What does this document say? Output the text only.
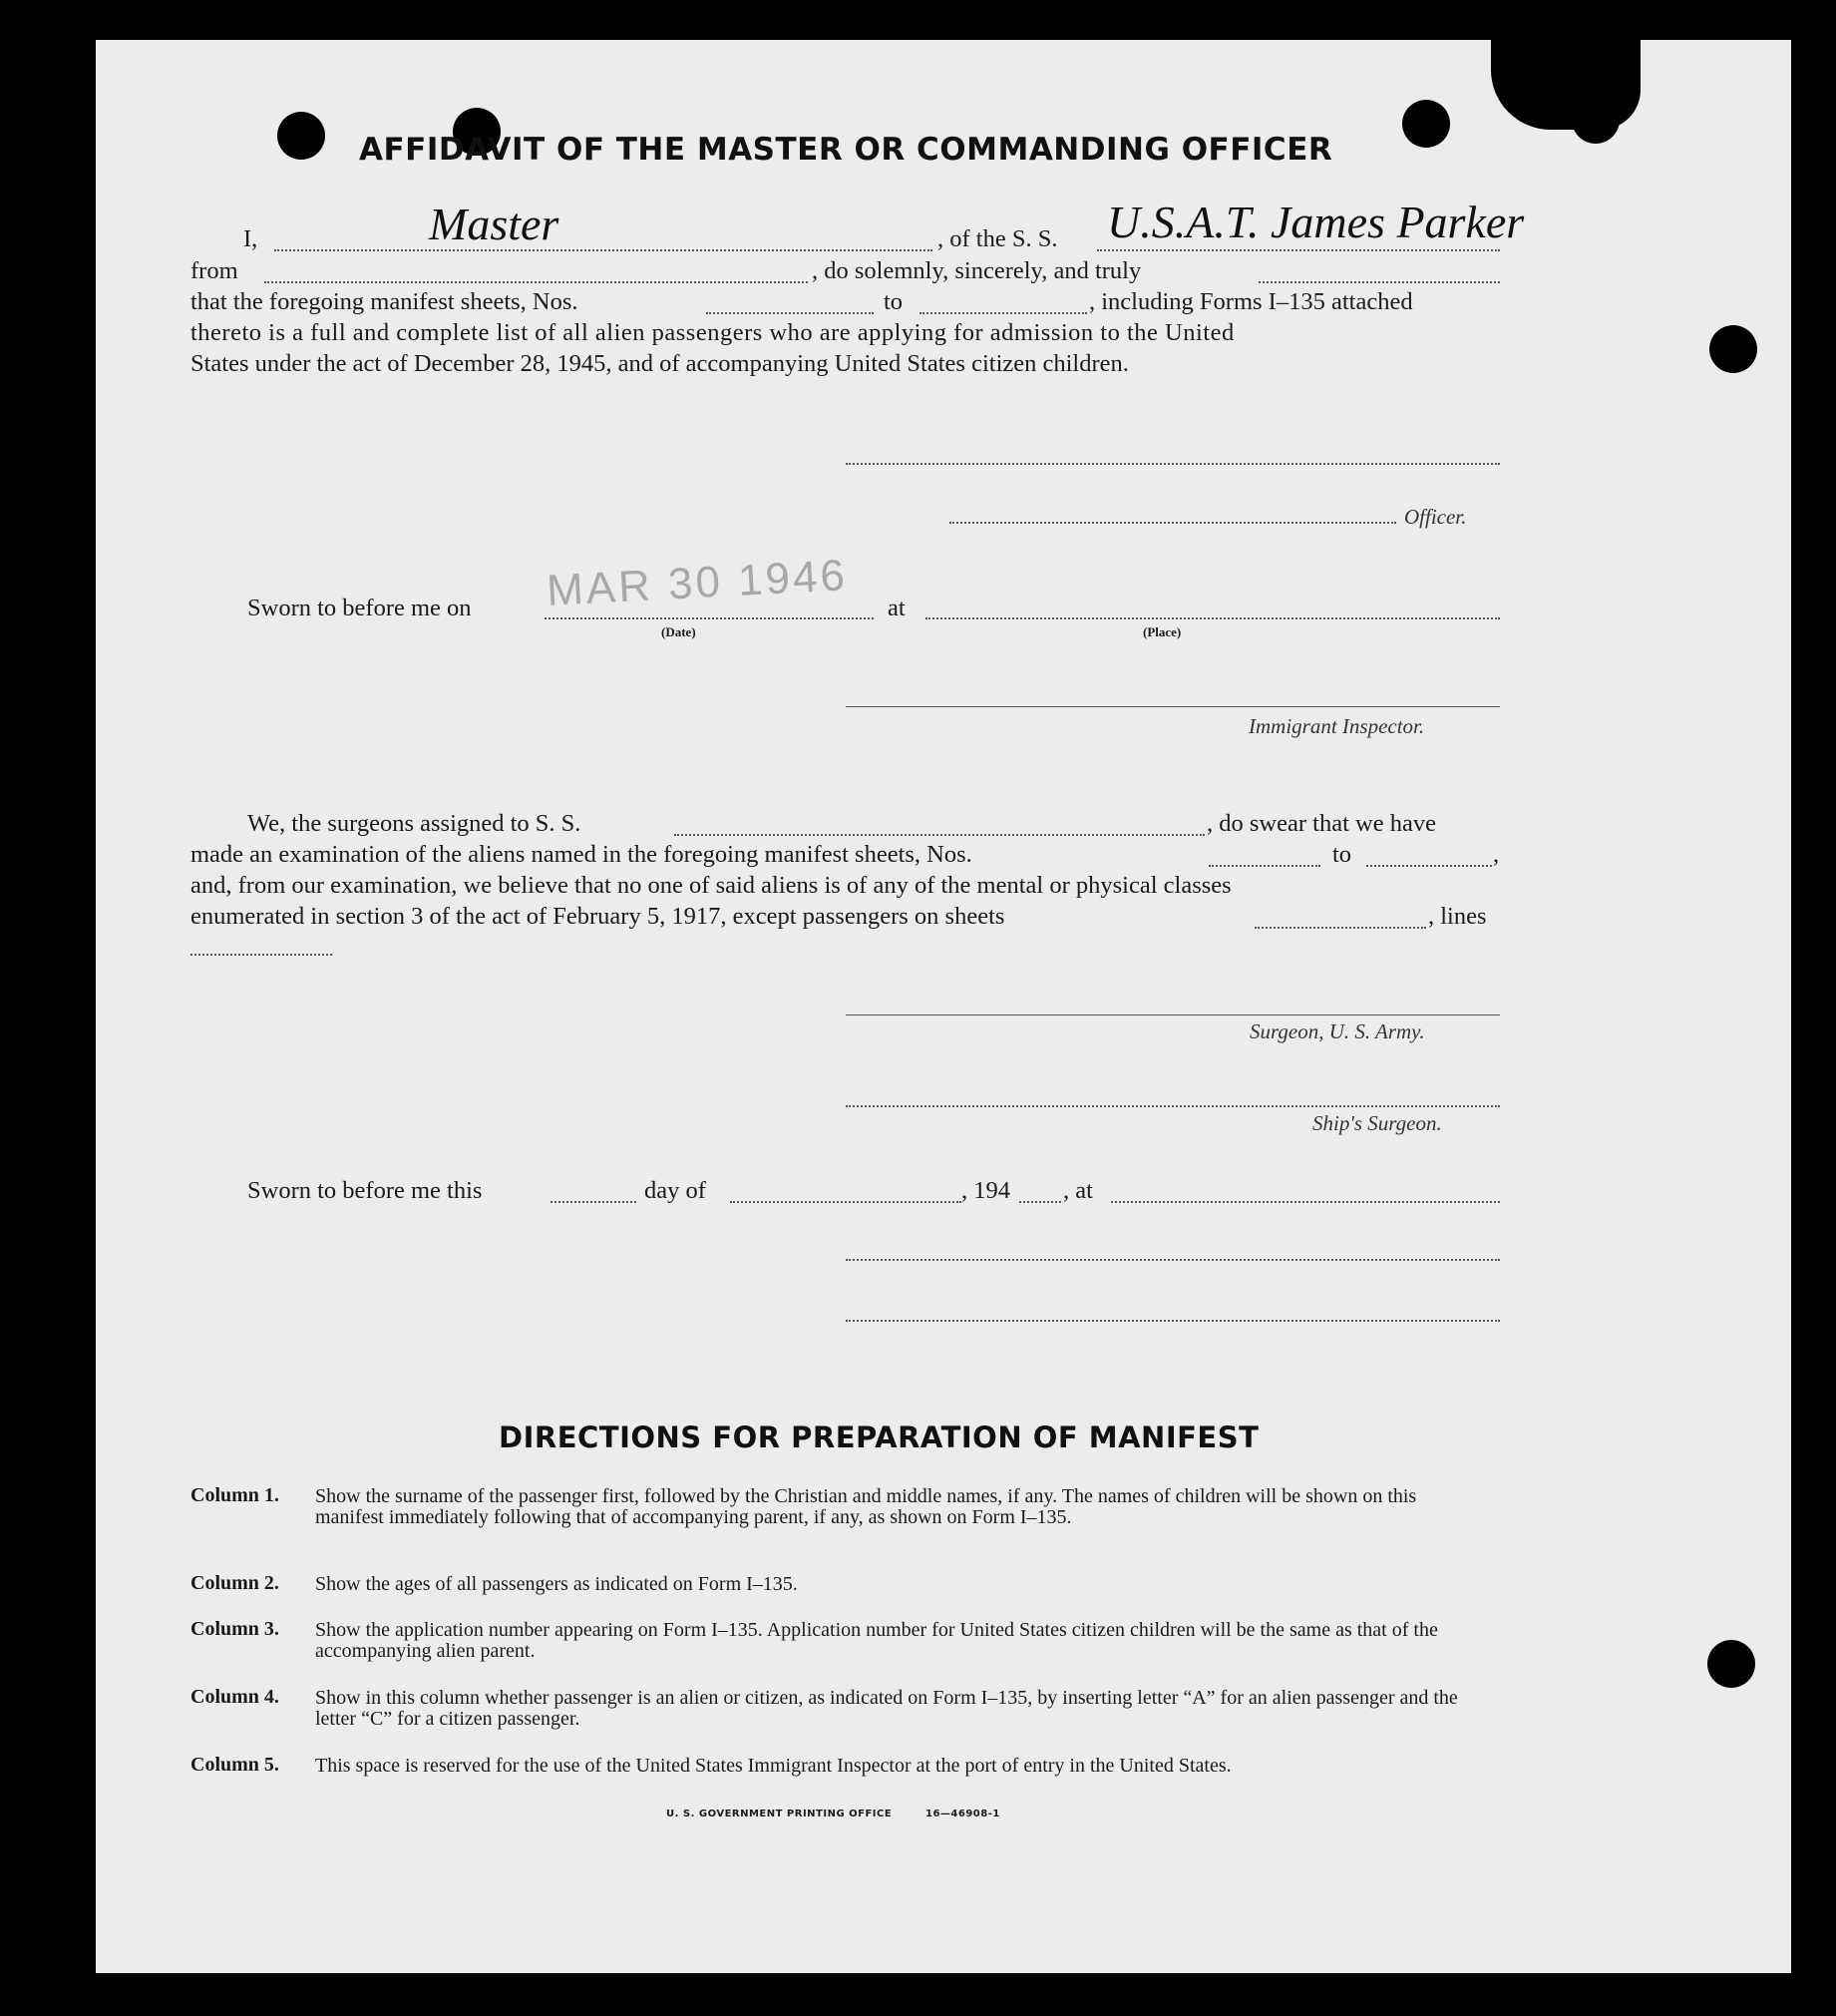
AFFIDAVIT OF THE MASTER OR COMMANDING OFFICER
I,	Master	, of the S. S. U.S.A.T. James Parker
from	, do solemnly, sincerely, and truly
that the foregoing manifest sheets, Nos.	to	, including Forms I–135 attached
thereto is a full and complete list of all alien passengers who are applying for admission to the United
States under the act of December 28, 1945, and of accompanying United States citizen children.
Officer.
MAR 30 1946
Sworn to before me on	at
(Date)	(Place)
Immigrant Inspector.
We, the surgeons assigned to S. S.	, do swear that we have
made an examination of the aliens named in the foregoing manifest sheets, Nos.	to	,
and, from our examination, we believe that no one of said aliens is of any of the mental or physical classes
enumerated in section 3 of the act of February 5, 1917, except passengers on sheets	, lines
Surgeon, U. S. Army.
Ship's Surgeon.
Sworn to before me this	day of	, 194 , at
DIRECTIONS FOR PREPARATION OF MANIFEST
Column 1. Show the surname of the passenger first, followed by the Christian and middle names, if any. The names of children will be shown on this manifest immediately following that of accompanying parent, if any, as shown on Form I–135.
Column 2. Show the ages of all passengers as indicated on Form I–135.
Column 3. Show the application number appearing on Form I–135. Application number for United States citizen children will be the same as that of the accompanying alien parent.
Column 4. Show in this column whether passenger is an alien or citizen, as indicated on Form I–135, by inserting letter “A” for an alien passenger and the letter “C” for a citizen passenger.
Column 5. This space is reserved for the use of the United States Immigrant Inspector at the port of entry in the United States.
U. S. GOVERNMENT PRINTING OFFICE	16—46908-1
